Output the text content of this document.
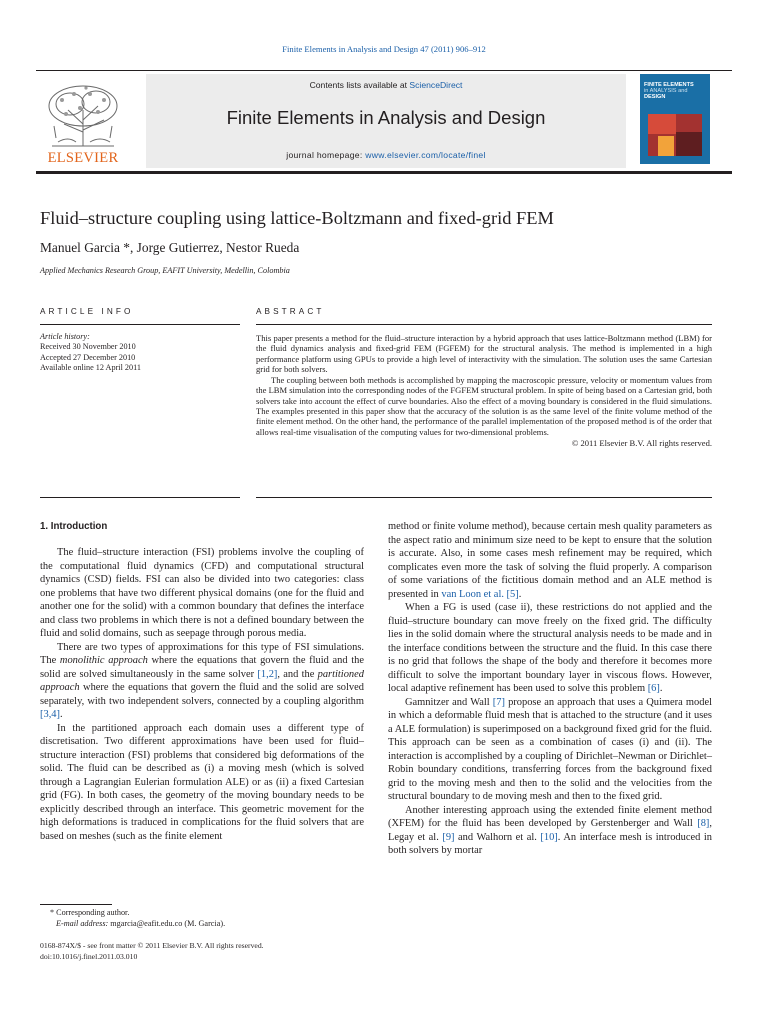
Finite Elements in Analysis and Design 47 (2011) 906–912
ELSEVIER
Contents lists available at ScienceDirect
Finite Elements in Analysis and Design
journal homepage: www.elsevier.com/locate/finel
FINITE ELEMENTS
in ANALYSIS and
DESIGN
Fluid–structure coupling using lattice-Boltzmann and fixed-grid FEM
Manuel Garcia *, Jorge Gutierrez, Nestor Rueda
Applied Mechanics Research Group, EAFIT University, Medellin, Colombia
ARTICLE INFO	ABSTRACT
Article history:
Received 30 November 2010
Accepted 27 December 2010
Available online 12 April 2011

This paper presents a method for the fluid–structure interaction by a hybrid approach that uses lattice-Boltzmann method (LBM) for the fluid dynamics analysis and fixed-grid FEM (FGFEM) for the structural analysis. The method is implemented in a high performance platform using GPUs to provide a high level of interactivity with the simulation. The solution uses the same Cartesian grid for both solvers.

The coupling between both methods is accomplished by mapping the macroscopic pressure, velocity or momentum values from the LBM simulation into the corresponding nodes of the FGFEM structural problem. In spite of being based on a Cartesian grid, both solvers take into account the effect of curve boundaries. Also the effect of a moving boundary is considered in the fluid simulations. The examples presented in this paper show that the accuracy of the solution is as the same level of the finite volume method of the finite element method. On the other hand, the performance of the parallel implementation of the proposed method is of the order that allows real-time visualisation of the computing values for two-dimensional problems.

© 2011 Elsevier B.V. All rights reserved.
1. Introduction

The fluid–structure interaction (FSI) problems involve the coupling of the computational fluid dynamics (CFD) and computational structural dynamics (CSD) fields. FSI can also be divided into two categories: class one problems that have two different physical domains (one for the fluid and another one for the solid) with a common boundary that defines the interface and class two problems in which there is not a defined boundary between the fluid and solid domains, such as seepage through porous media.

There are two types of approximations for this type of FSI simulations. The monolithic approach where the equations that govern the fluid and the solid are solved simultaneously in the same solver [1,2], and the partitioned approach where the equations that govern the fluid and the solid are solved separately, with two independent solvers, connected by a coupling algorithm [3,4].

In the partitioned approach each domain uses a different type of discretisation. Two different approximations have been used for fluid–structure interaction (FSI) problems that considered big deformations of the solid. The fluid can be described as (i) a moving mesh (which is solved through a Lagrangian Eulerian formulation ALE) or as (ii) a fixed Cartesian grid (FG). In both cases, the geometry of the moving boundary needs to be explicitly described through an interface. This geometric movement for the high deformations is traduced in complications for the fluid solvers that are based on meshes (such as the finite element

method or finite volume method), because certain mesh quality parameters as the aspect ratio and minimum size need to be kept to ensure that the solution is accurate. Also, in some cases mesh refinement may be required, which complicates even more the task of solving the fluid properly. A comparison of some variations of the fictitious domain method and an ALE method is presented in van Loon et al. [5].

When a FG is used (case ii), these restrictions do not applied and the fluid–structure boundary can move freely on the fixed grid. The difficulty lies in the solid domain where the structural analysis needs to be made and in the interface conditions between the structure and the fluid. In this case there is no grid that follows the shape of the body and therefore it becomes more difficult to solve the important boundary layer in viscous flows. However, local adaptive refinement has been used to solve this problem [6].

Gamnitzer and Wall [7] propose an approach that uses a Quimera model in which a deformable fluid mesh that is attached to the structure (and it uses a ALE formulation) is superimposed on a background fixed grid for the fluid. This approach can be seen as a combination of cases (i) and (ii). The interaction is accomplished by a coupling of Dirichlet–Newman or Dirichlet–Robin boundary conditions, transferring forces from the background fixed grid to the moving mesh and then to the solid and the velocities from the structural boundary to de moving mesh and then to the fixed grid.

Another interesting approach using the extended finite element method (XFEM) for the fluid has been developed by Gerstenberger and Wall [8], Legay et al. [9] and Walhorn et al. [10]. An interface mesh is introduced in both solvers by mortar

* Corresponding author.
E-mail address: mgarcia@eafit.edu.co (M. Garcia).
0168-874X/$ - see front matter © 2011 Elsevier B.V. All rights reserved.
doi:10.1016/j.finel.2011.03.010
